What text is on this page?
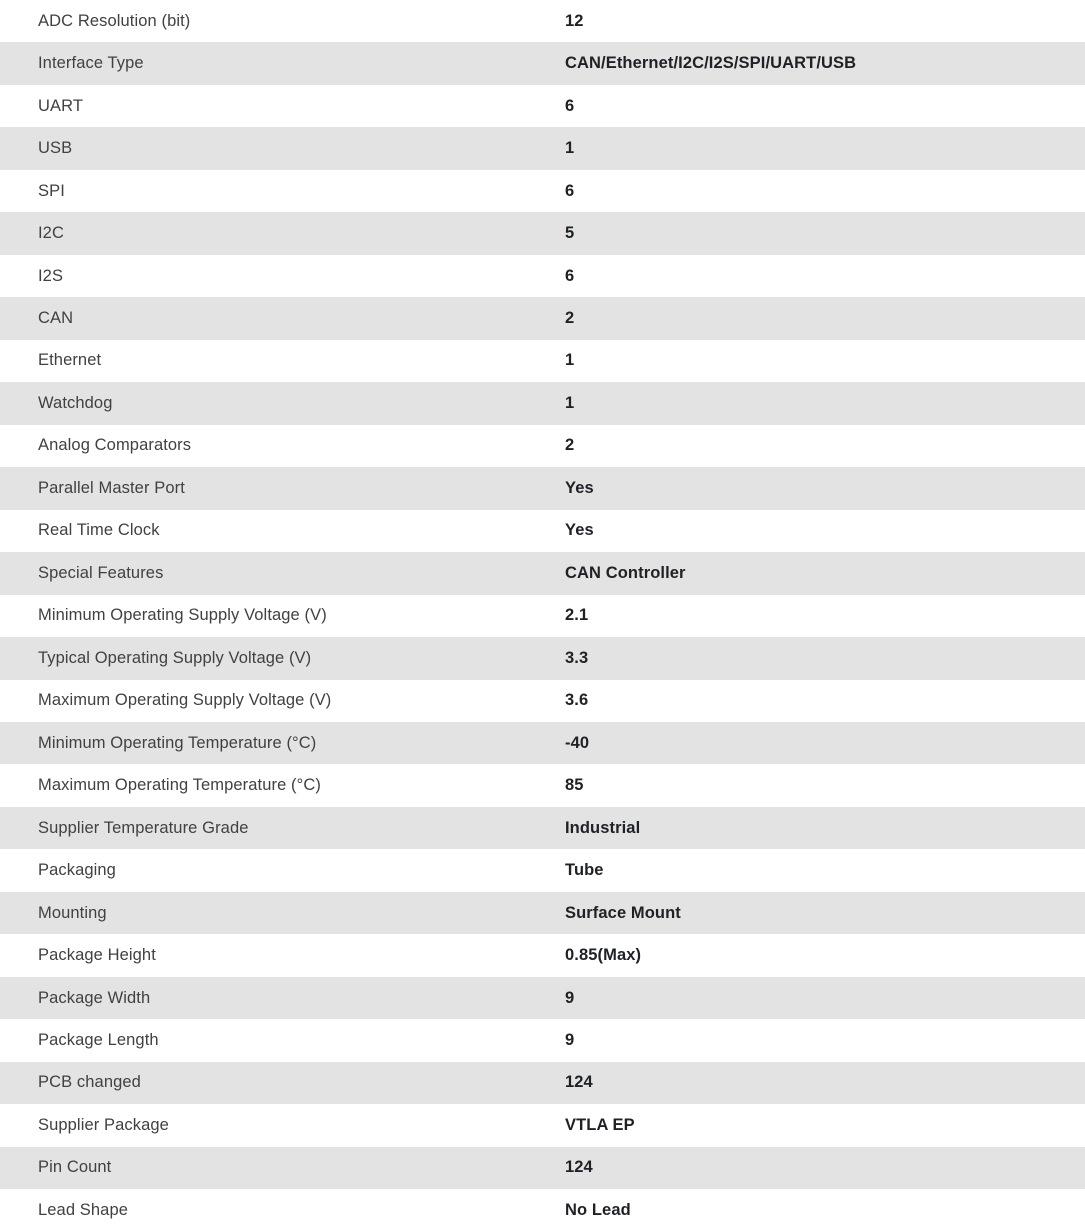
ADC Resolution (bit)	12
Interface Type	CAN/Ethernet/I2C/I2S/SPI/UART/USB
UART	6
USB	1
SPI	6
I2C	5
I2S	6
CAN	2
Ethernet	1
Watchdog	1
Analog Comparators	2
Parallel Master Port	Yes
Real Time Clock	Yes
Special Features	CAN Controller
Minimum Operating Supply Voltage (V)	2.1
Typical Operating Supply Voltage (V)	3.3
Maximum Operating Supply Voltage (V)	3.6
Minimum Operating Temperature (°C)	-40
Maximum Operating Temperature (°C)	85
Supplier Temperature Grade	Industrial
Packaging	Tube
Mounting	Surface Mount
Package Height	0.85(Max)
Package Width	9
Package Length	9
PCB changed	124
Supplier Package	VTLA EP
Pin Count	124
Lead Shape	No Lead
